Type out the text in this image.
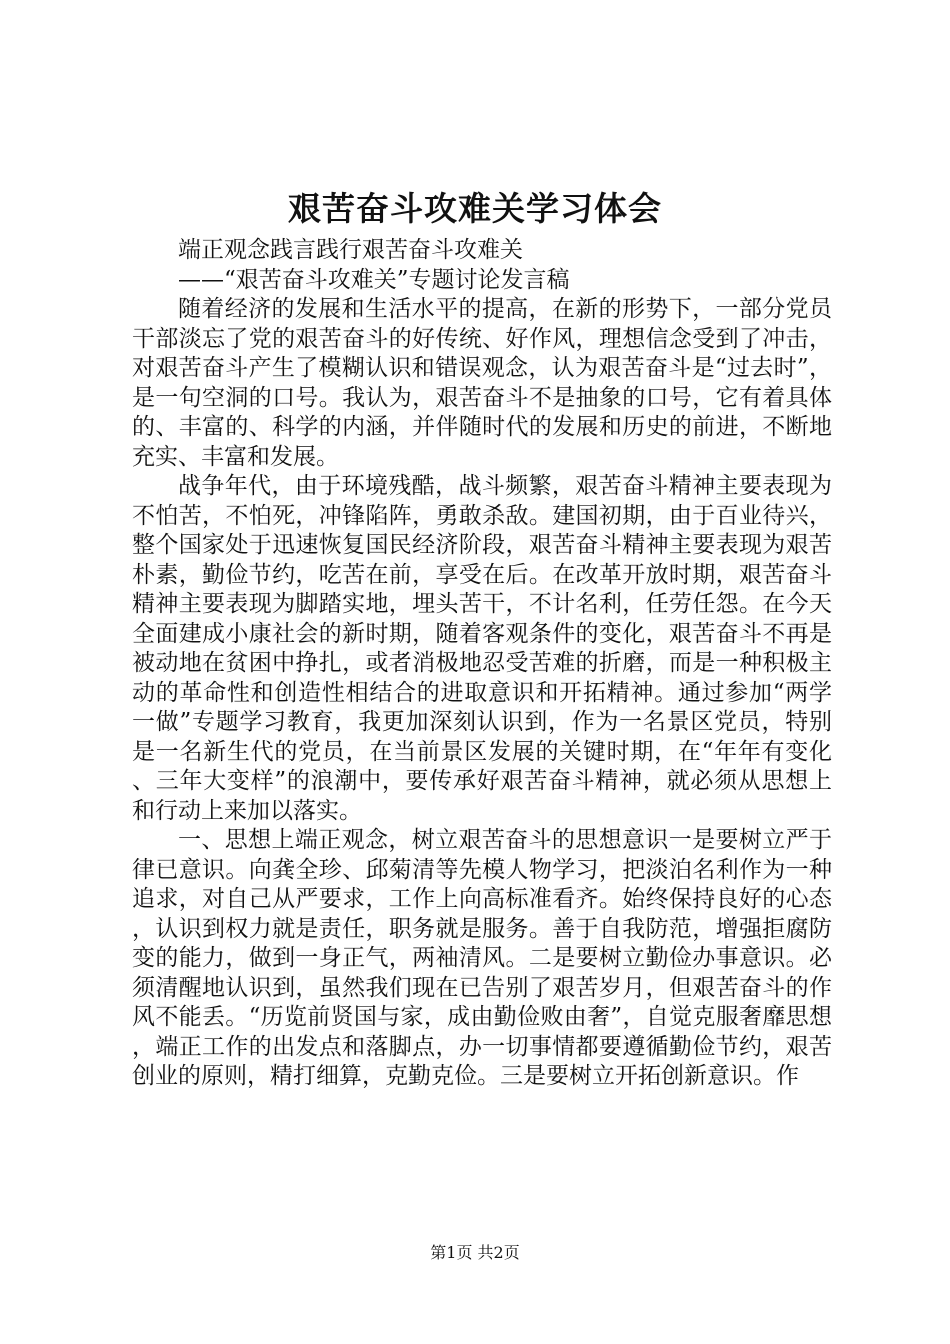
艰苦奋斗攻难关学习体会

端正观念践言践行艰苦奋斗攻难关

——“艰苦奋斗攻难关”专题讨论发言稿

随着经济的发展和生活水平的提高，在新的形势下，一部分党员干部淡忘了党的艰苦奋斗的好传统、好作风，理想信念受到了冲击，对艰苦奋斗产生了模糊认识和错误观念，认为艰苦奋斗是“过去时”，是一句空洞的口号。我认为，艰苦奋斗不是抽象的口号，它有着具体的、丰富的、科学的内涵，并伴随时代的发展和历史的前进，不断地充实、丰富和发展。

战争年代，由于环境残酷，战斗频繁，艰苦奋斗精神主要表现为不怕苦，不怕死，冲锋陷阵，勇敢杀敌。建国初期，由于百业待兴，整个国家处于迅速恢复国民经济阶段，艰苦奋斗精神主要表现为艰苦朴素，勤俭节约，吃苦在前，享受在后。在改革开放时期，艰苦奋斗精神主要表现为脚踏实地，埋头苦干，不计名利，任劳任怨。在今天全面建成小康社会的新时期，随着客观条件的变化，艰苦奋斗不再是被动地在贫困中挣扎，或者消极地忍受苦难的折磨，而是一种积极主动的革命性和创造性相结合的进取意识和开拓精神。通过参加“两学一做”专题学习教育，我更加深刻认识到，作为一名景区党员，特别是一名新生代的党员，在当前景区发展的关键时期，在“年年有变化、三年大变样”的浪潮中，要传承好艰苦奋斗精神，就必须从思想上和行动上来加以落实。

一、思想上端正观念，树立艰苦奋斗的思想意识一是要树立严于律已意识。向龚全珍、邱菊清等先模人物学习，把淡泊名利作为一种追求，对自己从严要求，工作上向高标准看齐。始终保持良好的心态，认识到权力就是责任，职务就是服务。善于自我防范，增强拒腐防变的能力，做到一身正气，两袖清风。二是要树立勤俭办事意识。必须清醒地认识到，虽然我们现在已告别了艰苦岁月，但艰苦奋斗的作风不能丢。“历览前贤国与家，成由勤俭败由奢”，自觉克服奢靡思想，端正工作的出发点和落脚点，办一切事情都要遵循勤俭节约，艰苦创业的原则，精打细算，克勤克俭。三是要树立开拓创新意识。作

第1页 共2页
